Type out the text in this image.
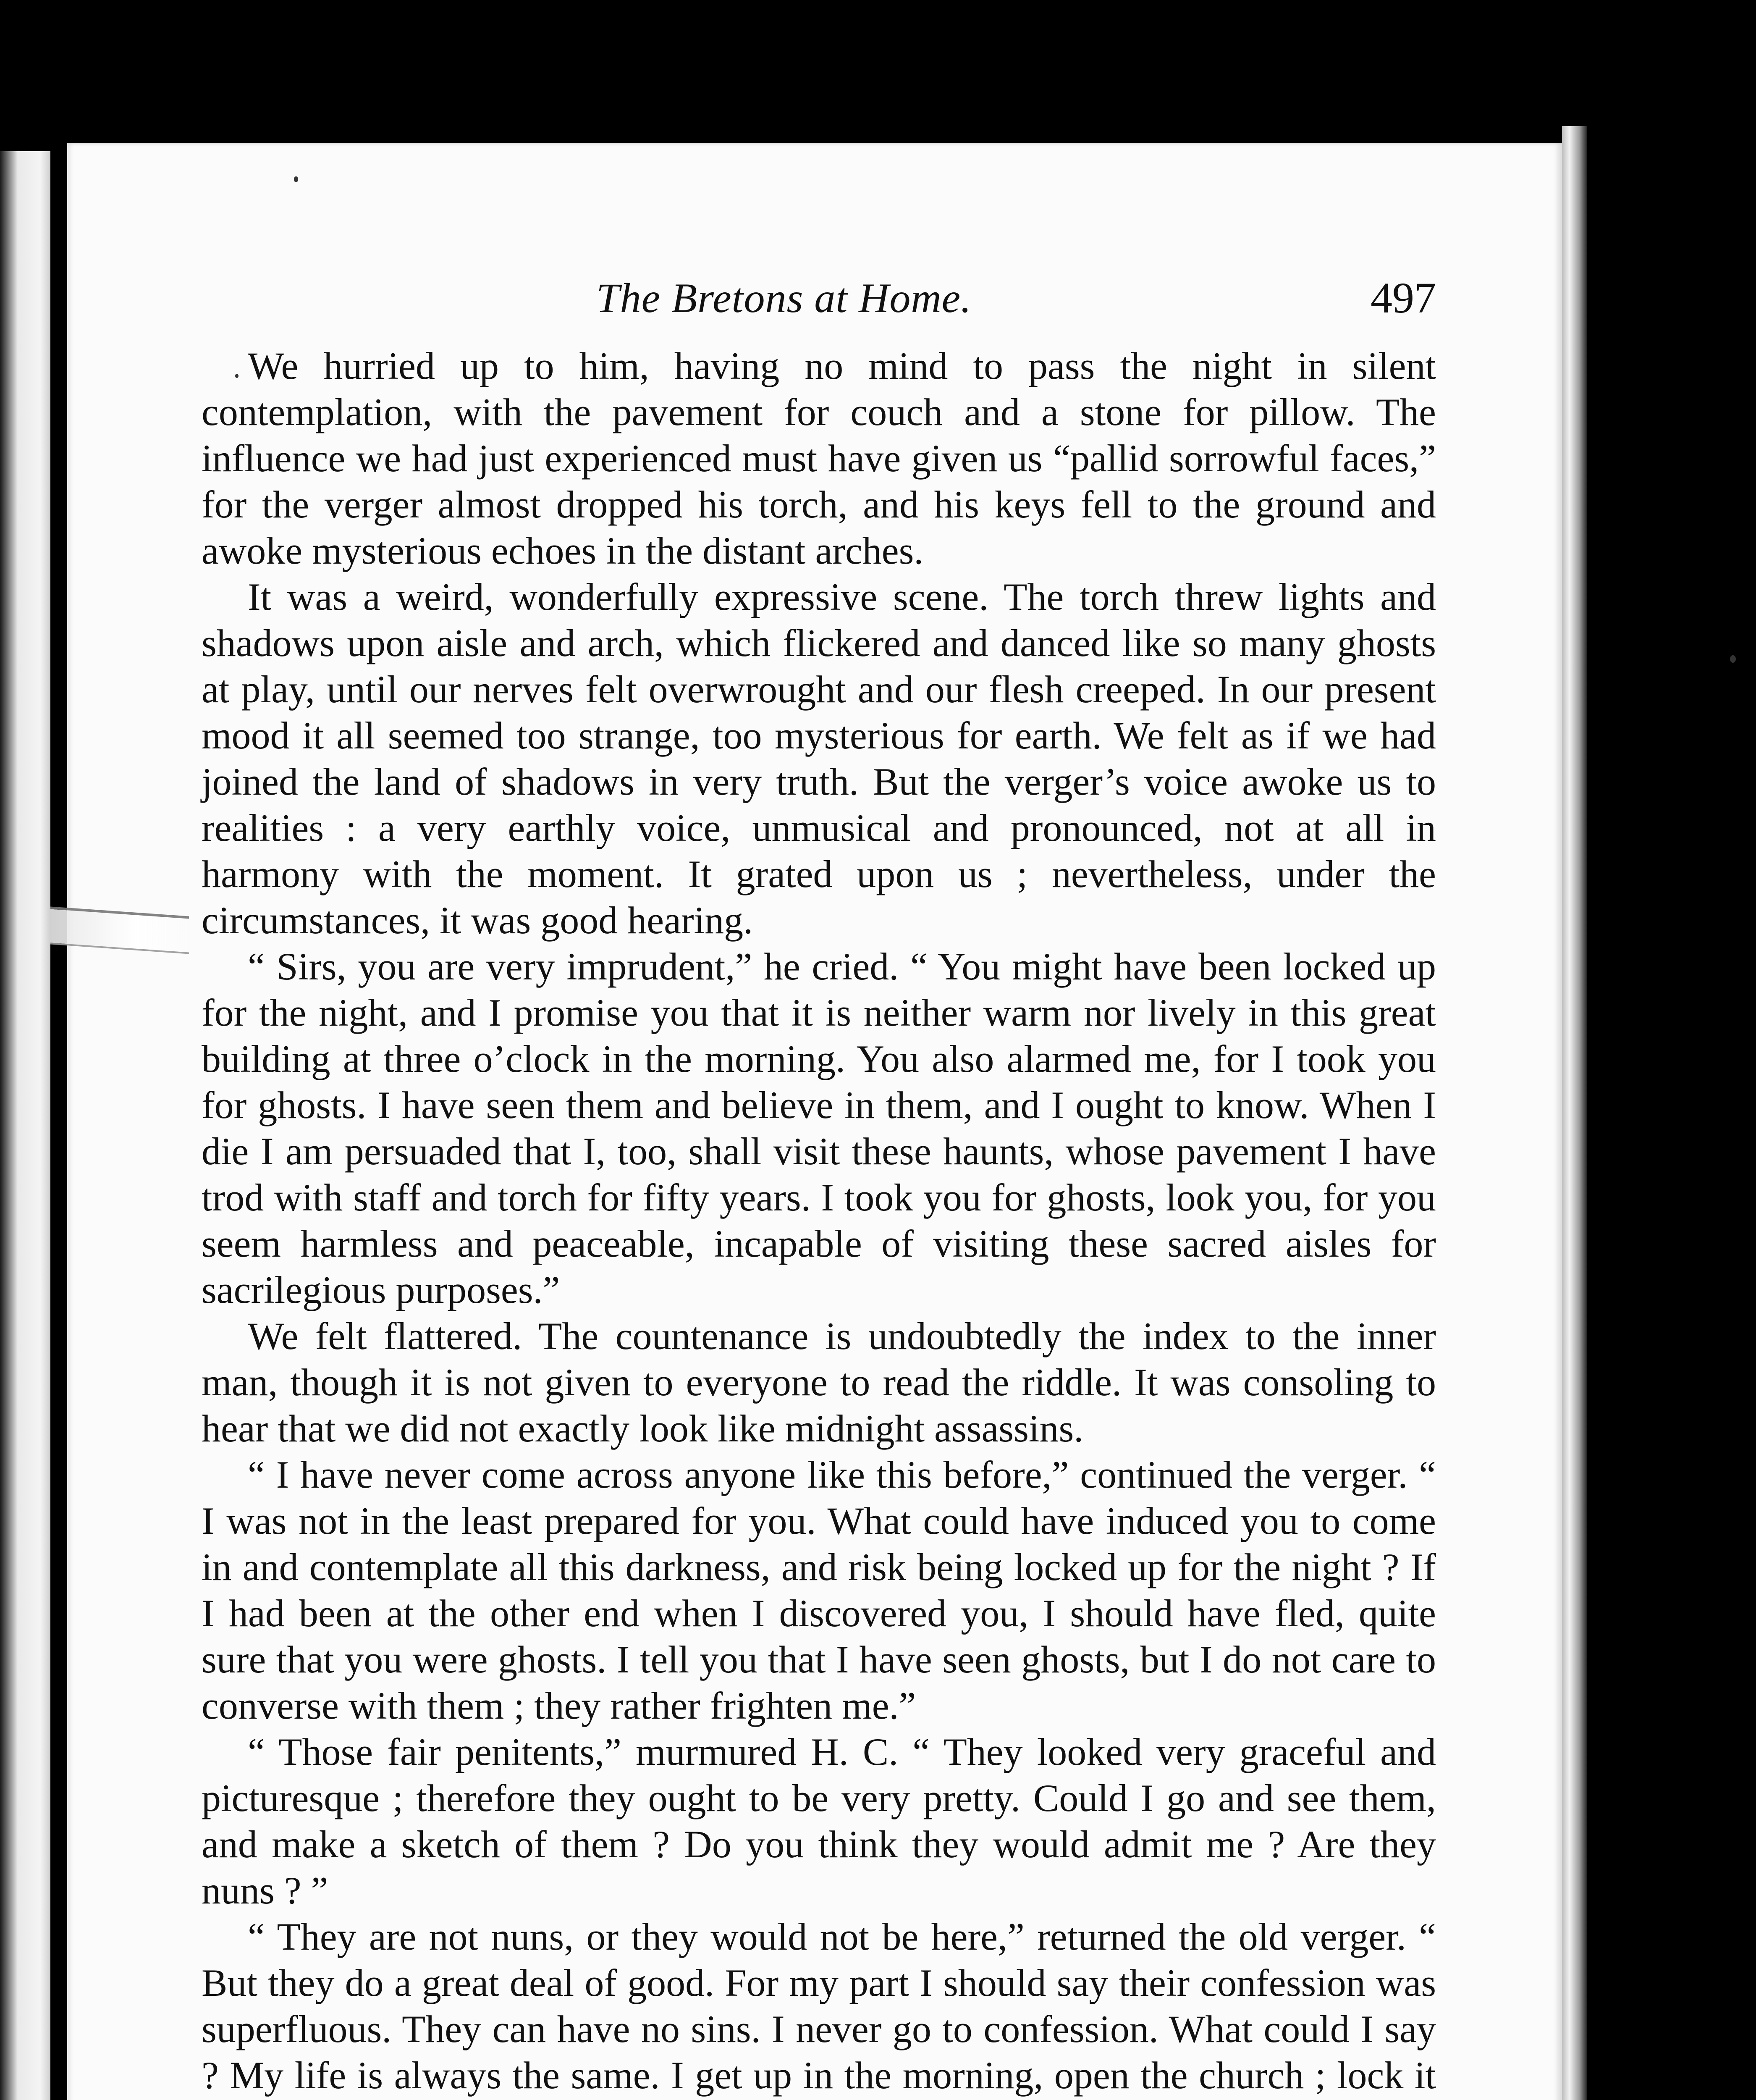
The Bretons at Home.	497

We hurried up to him, having no mind to pass the night in silent contemplation, with the pavement for couch and a stone for pillow. The influence we had just experienced must have given us “pallid sorrowful faces,” for the verger almost dropped his torch, and his keys fell to the ground and awoke mysterious echoes in the distant arches.

It was a weird, wonderfully expressive scene. The torch threw lights and shadows upon aisle and arch, which flickered and danced like so many ghosts at play, until our nerves felt overwrought and our flesh creeped. In our present mood it all seemed too strange, too mysterious for earth. We felt as if we had joined the land of shadows in very truth. But the verger’s voice awoke us to realities : a very earthly voice, unmusical and pronounced, not at all in harmony with the moment. It grated upon us ; nevertheless, under the circumstances, it was good hearing.

“ Sirs, you are very imprudent,” he cried. “ You might have been locked up for the night, and I promise you that it is neither warm nor lively in this great building at three o’clock in the morning. You also alarmed me, for I took you for ghosts. I have seen them and believe in them, and I ought to know. When I die I am persuaded that I, too, shall visit these haunts, whose pavement I have trod with staff and torch for fifty years. I took you for ghosts, look you, for you seem harmless and peaceable, incapable of visiting these sacred aisles for sacrilegious purposes.”

We felt flattered. The countenance is undoubtedly the index to the inner man, though it is not given to everyone to read the riddle. It was consoling to hear that we did not exactly look like midnight assassins.

“ I have never come across anyone like this before,” continued the verger. “ I was not in the least prepared for you. What could have induced you to come in and contemplate all this darkness, and risk being locked up for the night ? If I had been at the other end when I discovered you, I should have fled, quite sure that you were ghosts. I tell you that I have seen ghosts, but I do not care to converse with them ; they rather frighten me.”

“ Those fair penitents,” murmured H. C. “ They looked very graceful and picturesque ; therefore they ought to be very pretty. Could I go and see them, and make a sketch of them ? Do you think they would admit me ? Are they nuns ? ”

“ They are not nuns, or they would not be here,” returned the old verger. “ But they do a great deal of good. For my part I should say their confession was superfluous. They can have no sins. I never go to confession. What could I say ? My life is always the same. I get up in the morning, open the church ; lock it
